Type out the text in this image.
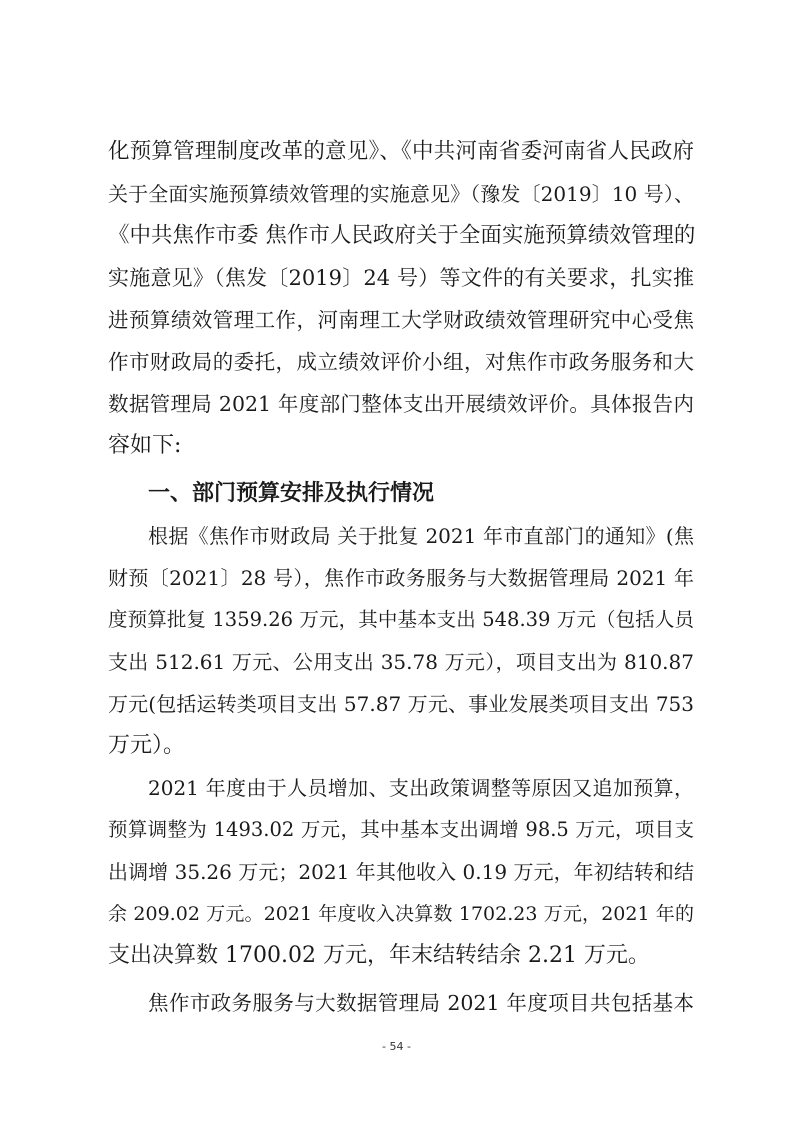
化预算管理制度改革的意见》、《中共河南省委河南省人民政府
关于全面实施预算绩效管理的实施意见》（豫发〔2019〕10 号）、
《中共焦作市委 焦作市人民政府关于全面实施预算绩效管理的
实施意见》（焦发〔2019〕24 号）等文件的有关要求，扎实推
进预算绩效管理工作，河南理工大学财政绩效管理研究中心受焦
作市财政局的委托，成立绩效评价小组，对焦作市政务服务和大
数据管理局 2021 年度部门整体支出开展绩效评价。具体报告内
容如下:
一、部门预算安排及执行情况
根据《焦作市财政局 关于批复 2021 年市直部门的通知》(焦
财预〔2021〕28 号），焦作市政务服务与大数据管理局 2021 年
度预算批复 1359.26 万元，其中基本支出 548.39 万元（包括人员
支出 512.61 万元、公用支出 35.78 万元），项目支出为 810.87
万元(包括运转类项目支出 57.87 万元、事业发展类项目支出 753
万元）。
2021 年度由于人员增加、支出政策调整等原因又追加预算，
预算调整为 1493.02 万元，其中基本支出调增 98.5 万元，项目支
出调增 35.26 万元；2021 年其他收入 0.19 万元，年初结转和结
余 209.02 万元。2021 年度收入决算数 1702.23 万元，2021 年的
支出决算数 1700.02 万元，年末结转结余 2.21 万元。
焦作市政务服务与大数据管理局 2021 年度项目共包括基本
- 54 -
